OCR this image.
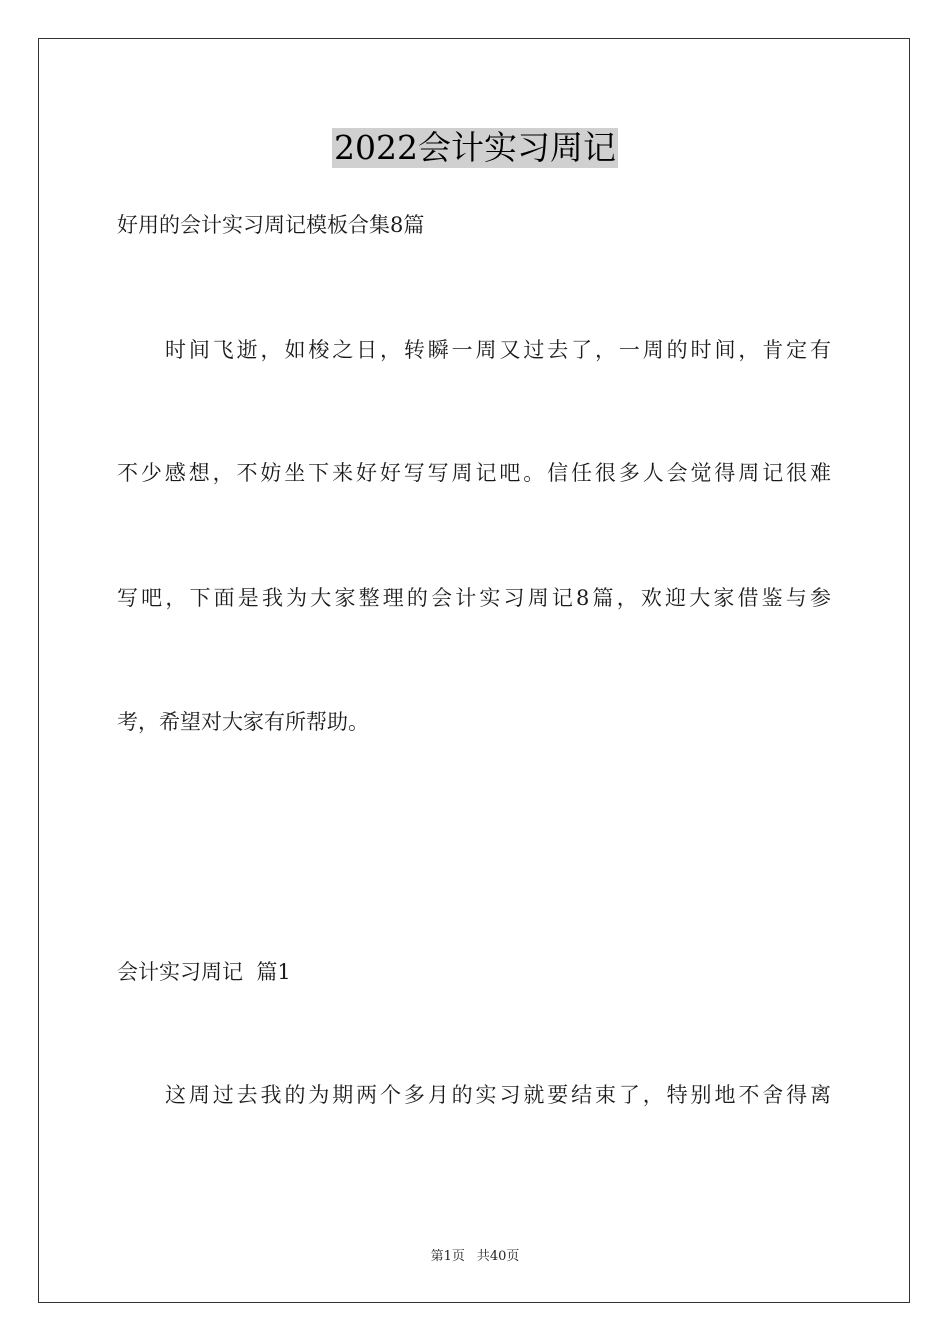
2022会计实习周记
好用的会计实习周记模板合集8篇
时间飞逝，如梭之日，转瞬一周又过去了，一周的时间，肯定有
不少感想，不妨坐下来好好写写周记吧。信任很多人会觉得周记很难
写吧，下面是我为大家整理的会计实习周记8篇，欢迎大家借鉴与参
考，希望对大家有所帮助。
会计实习周记  篇1
这周过去我的为期两个多月的实习就要结束了，特别地不舍得离
第1页 共40页
